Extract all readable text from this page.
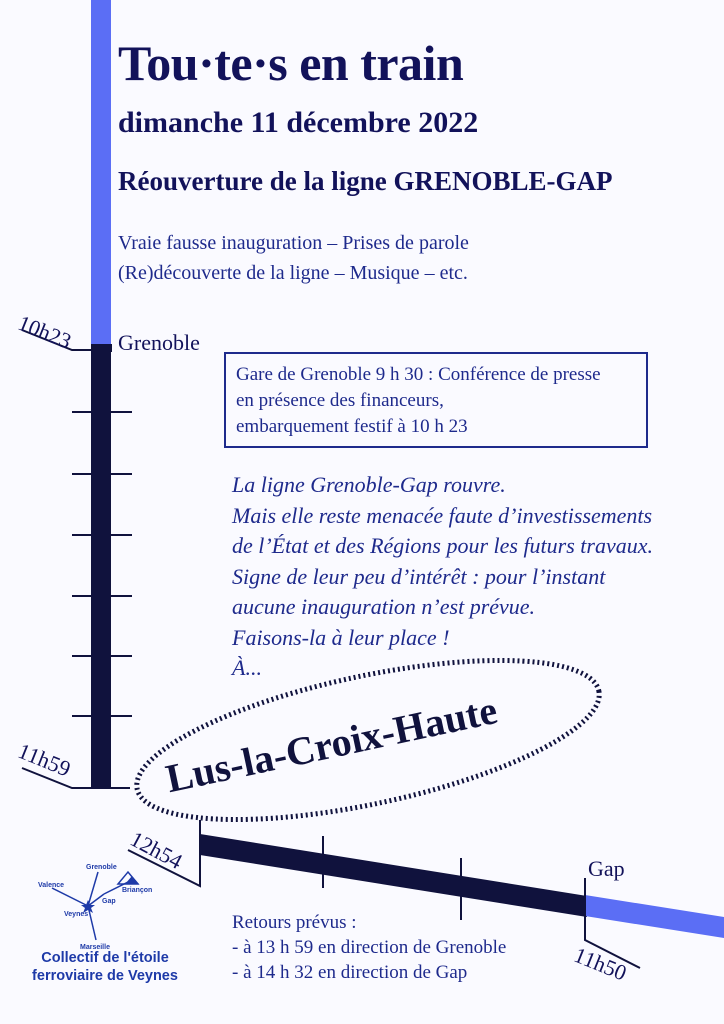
Tou·te·s en train
dimanche 11 décembre 2022
Réouverture de la ligne GRENOBLE-GAP
Vraie fausse inauguration – Prises de parole
(Re)découverte de la ligne – Musique – etc.
10h23 Grenoble
11h59
12h54	Gap
11h50
Lus-la-Croix-Haute
Gare de Grenoble 9 h 30 : Conférence de presse
en présence des financeurs,
embarquement festif à 10 h 23
La ligne Grenoble-Gap rouvre.
Mais elle reste menacée faute d’investissements
de l’État et des Régions pour les futurs travaux.
Signe de leur peu d’intérêt : pour l’instant
aucune inauguration n’est prévue.
Faisons-la à leur place !
À...
Retours prévus :
- à 13 h 59 en direction de Grenoble
- à 14 h 32 en direction de Gap
Grenoble
Valence
Briançon
Gap
Veynes
Marseille
Collectif de l'étoile
ferroviaire de Veynes
